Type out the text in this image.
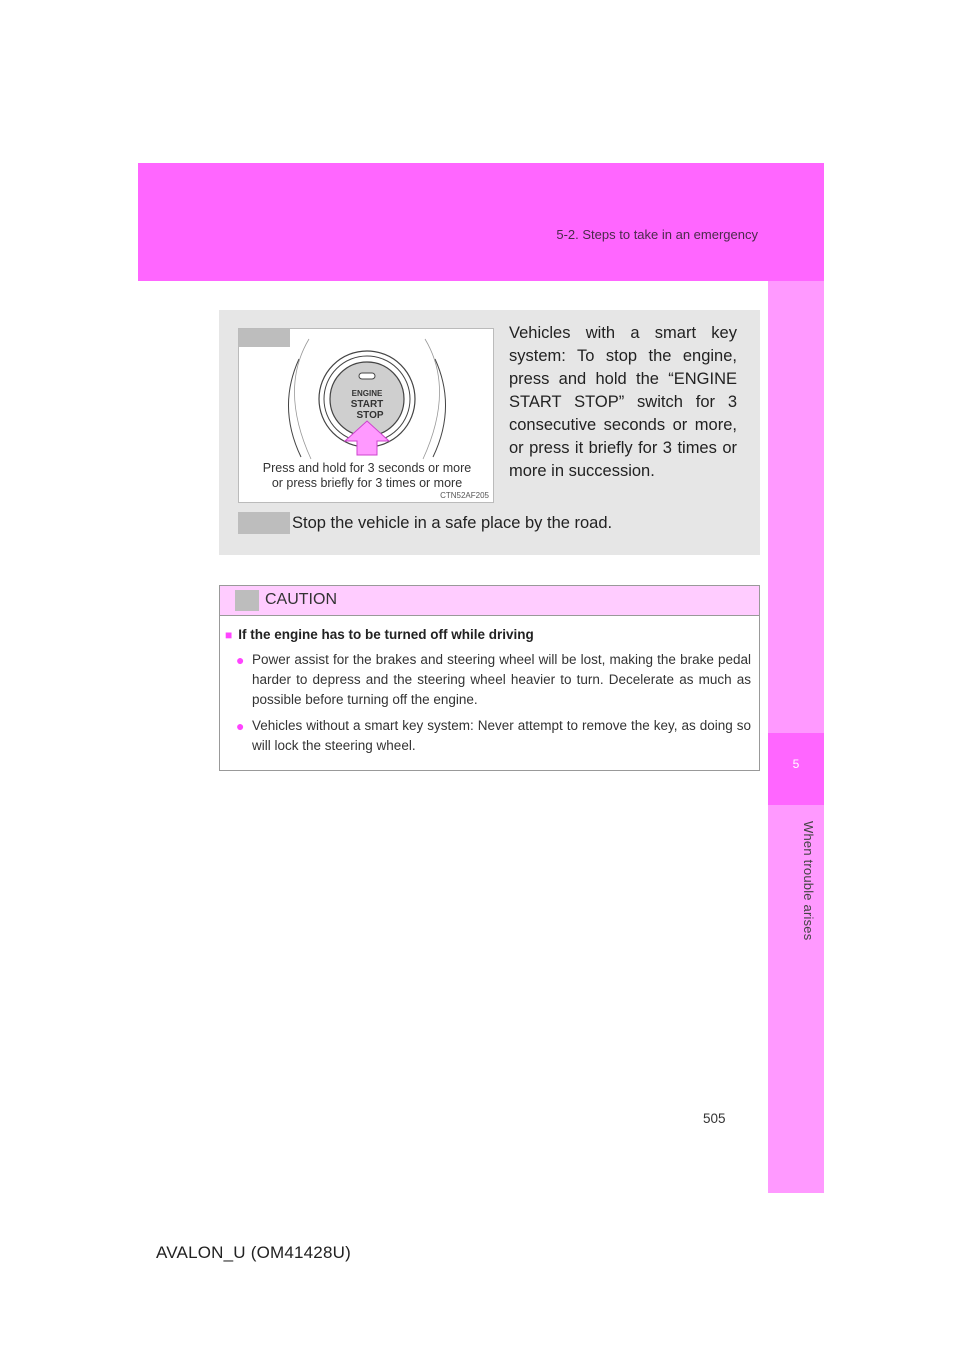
5-2. Steps to take in an emergency
5
When trouble arises
ENGINE
START
STOP
Press and hold for 3 seconds or more
or press briefly for 3 times or more
CTN52AF205
Vehicles with a smart key system: To stop the engine, press and hold the “ENGINE START STOP” switch for 3 consecutive seconds or more, or press it briefly for 3 times or more in succession.
Stop the vehicle in a safe place by the road.
CAUTION
■ If the engine has to be turned off while driving
● Power assist for the brakes and steering wheel will be lost, making the brake pedal harder to depress and the steering wheel heavier to turn. Decelerate as much as possible before turning off the engine.
● Vehicles without a smart key system: Never attempt to remove the key, as doing so will lock the steering wheel.
505
AVALON_U (OM41428U)
